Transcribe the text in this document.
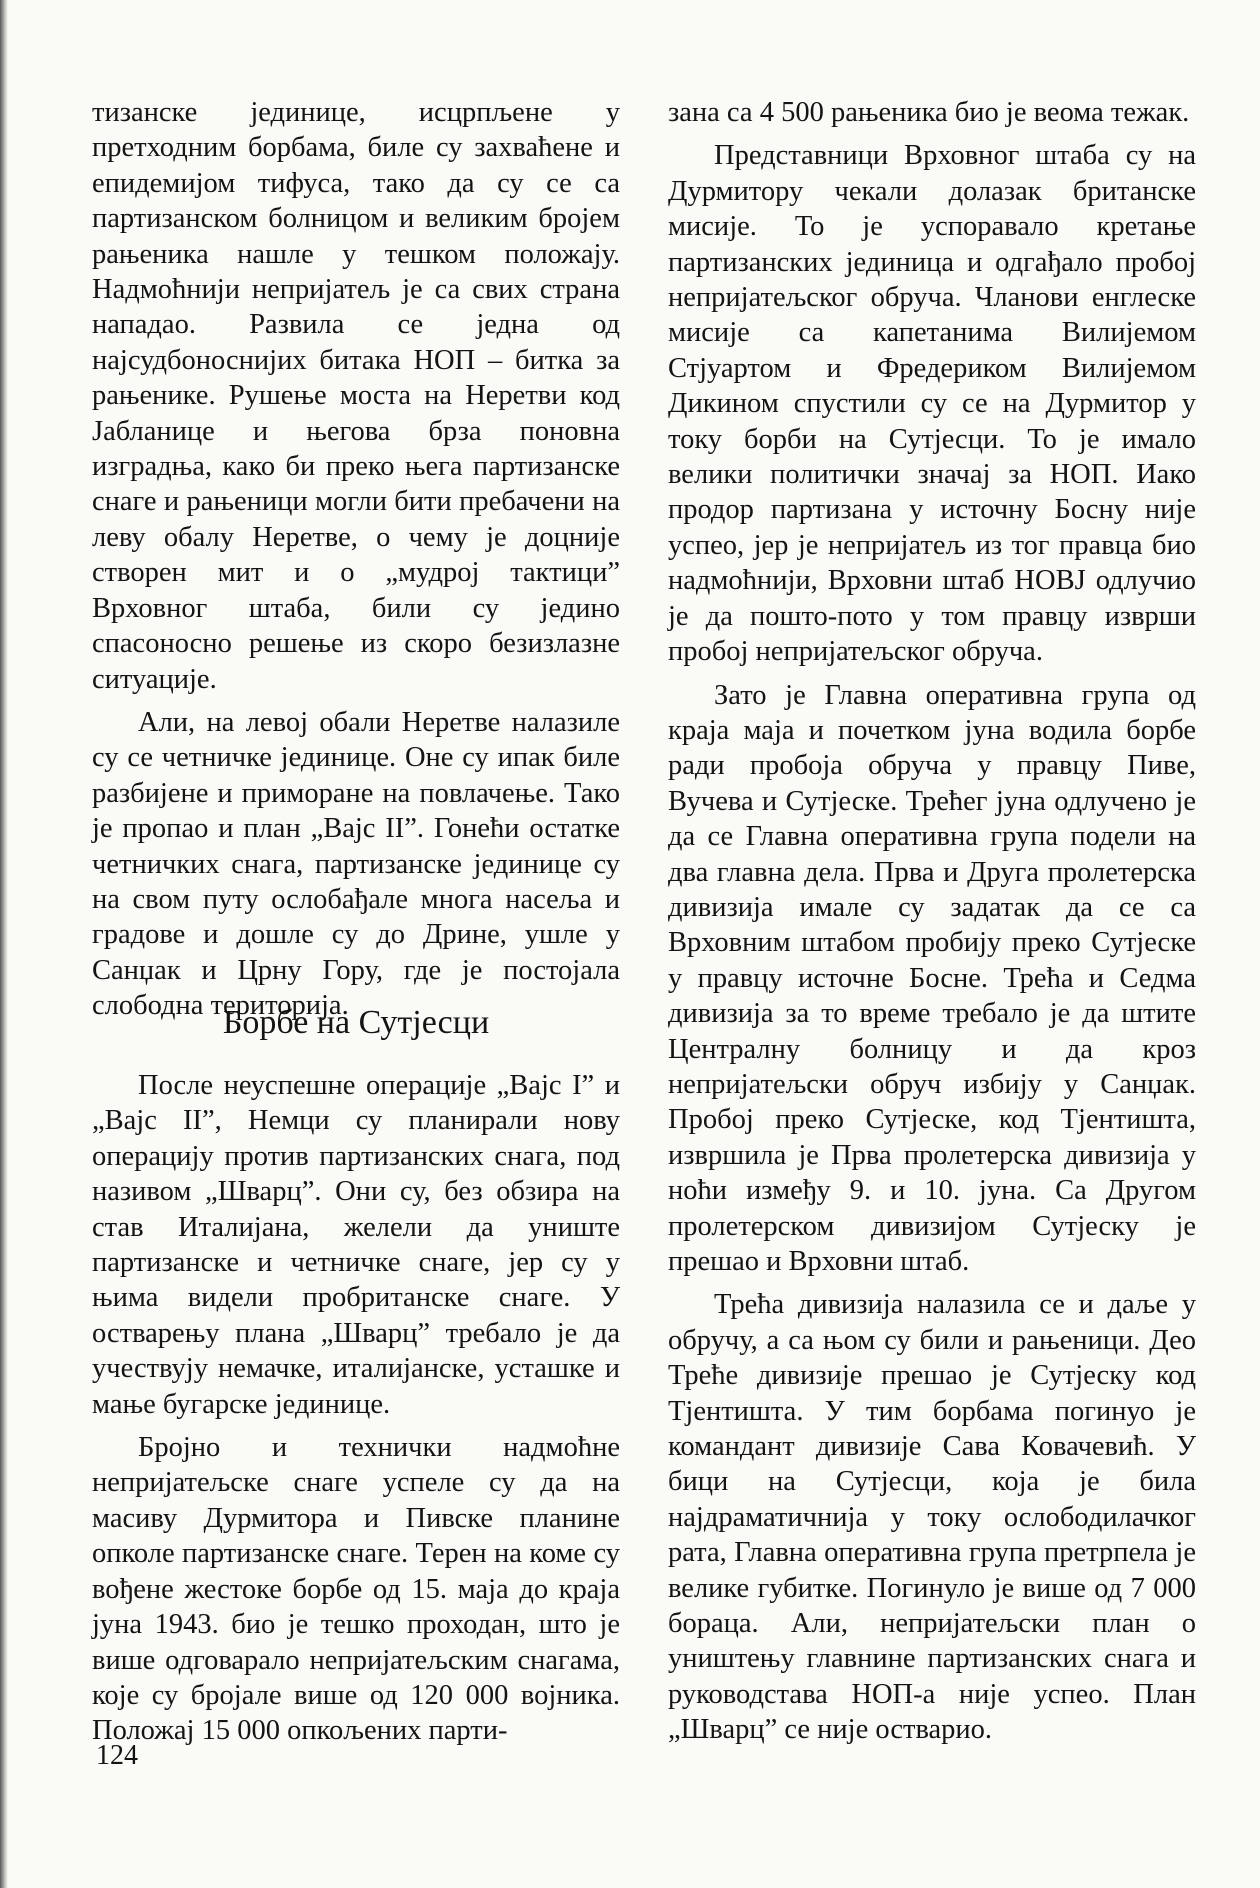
тизанске јединице, исцрпљене у претходним борбама, биле су захваћене и епидемијом тифуса, тако да су се са партизанском болницом и великим бројем рањеника нашле у тешком положају. Надмоћнији непријатељ је са свих страна нападао. Развила се једна од најсудбоноснијих битака НОП – битка за рањенике. Рушење моста на Неретви код Јабланице и његова брза поновна изградња, како би преко њега партизанске снаге и рањеници могли бити пребачени на леву обалу Неретве, о чему је доцније створен мит и о „мудрој тактици” Врховног штаба, били су једино спасоносно решење из скоро безизлазне ситуације.

Али, на левој обали Неретве налазиле су се четничке јединице. Оне су ипак биле разбијене и приморане на повлачење. Тако је пропао и план „Вајс II”. Гонећи остатке четничких снага, партизанске јединице су на свом путу ослобађале многа насеља и градове и дошле су до Дрине, ушле у Санџак и Црну Гору, где је постојала слободна територија.

Борбе на Сутјесци

После неуспешне операције „Вајс I” и „Вајс II”, Немци су планирали нову операцију против партизанских снага, под називом „Шварц”. Они су, без обзира на став Италијана, желели да униште партизанске и четничке снаге, јер су у њима видели пробританске снаге. У остварењу плана „Шварц” требало је да учествују немачке, италијанске, усташке и мање бугарске јединице.

Бројно и технички надмоћне непријатељске снаге успеле су да на масиву Дурмитора и Пивске планине опколе партизанске снаге. Терен на коме су вођене жестоке борбе од 15. маја до краја јуна 1943. био је тешко проходан, што је више одговарало непријатељским снагама, које су бројале више од 120 000 војника. Положај 15 000 опкољених парти-

зана са 4 500 рањеника био је веома тежак.

Представници Врховног штаба су на Дурмитору чекали долазак британске мисије. То је успоравало кретање партизанских јединица и одгађало пробој непријатељског обруча. Чланови енглеске мисије са капетанима Вилијемом Стјуартом и Фредериком Вилијемом Дикином спустили су се на Дурмитор у току борби на Сутјесци. То је имало велики политички значај за НОП. Иако продор партизана у источну Босну није успео, јер је непријатељ из тог правца био надмоћнији, Врховни штаб НОВЈ одлучио је да пошто-пото у том правцу изврши пробој непријатељског обруча.

Зато је Главна оперативна група од краја маја и почетком јуна водила борбе ради пробоја обруча у правцу Пиве, Вучева и Сутјеске. Трећег јуна одлучено је да се Главна оперативна група подели на два главна дела. Прва и Друга пролетерска дивизија имале су задатак да се са Врховним штабом пробију преко Сутјеске у правцу источне Босне. Трећа и Седма дивизија за то време требало је да штите Централну болницу и да кроз непријатељски обруч избију у Санџак. Пробој преко Сутјеске, код Тјентишта, извршила је Прва пролетерска дивизија у ноћи између 9. и 10. јуна. Са Другом пролетерском дивизијом Сутјеску је прешао и Врховни штаб.

Трећа дивизија налазила се и даље у обручу, а са њом су били и рањеници. Део Треће дивизије прешао је Сутјеску код Тјентишта. У тим борбама погинуо је командант дивизије Сава Ковачевић. У бици на Сутјесци, која је била најдраматичнија у току ослободилачког рата, Главна оперативна група претрпела је велике губитке. Погинуло је више од 7 000 бораца. Али, непријатељски план о уништењу главнине партизанских снага и руководстава НОП-а није успео. План „Шварц” се није остварио.

124
